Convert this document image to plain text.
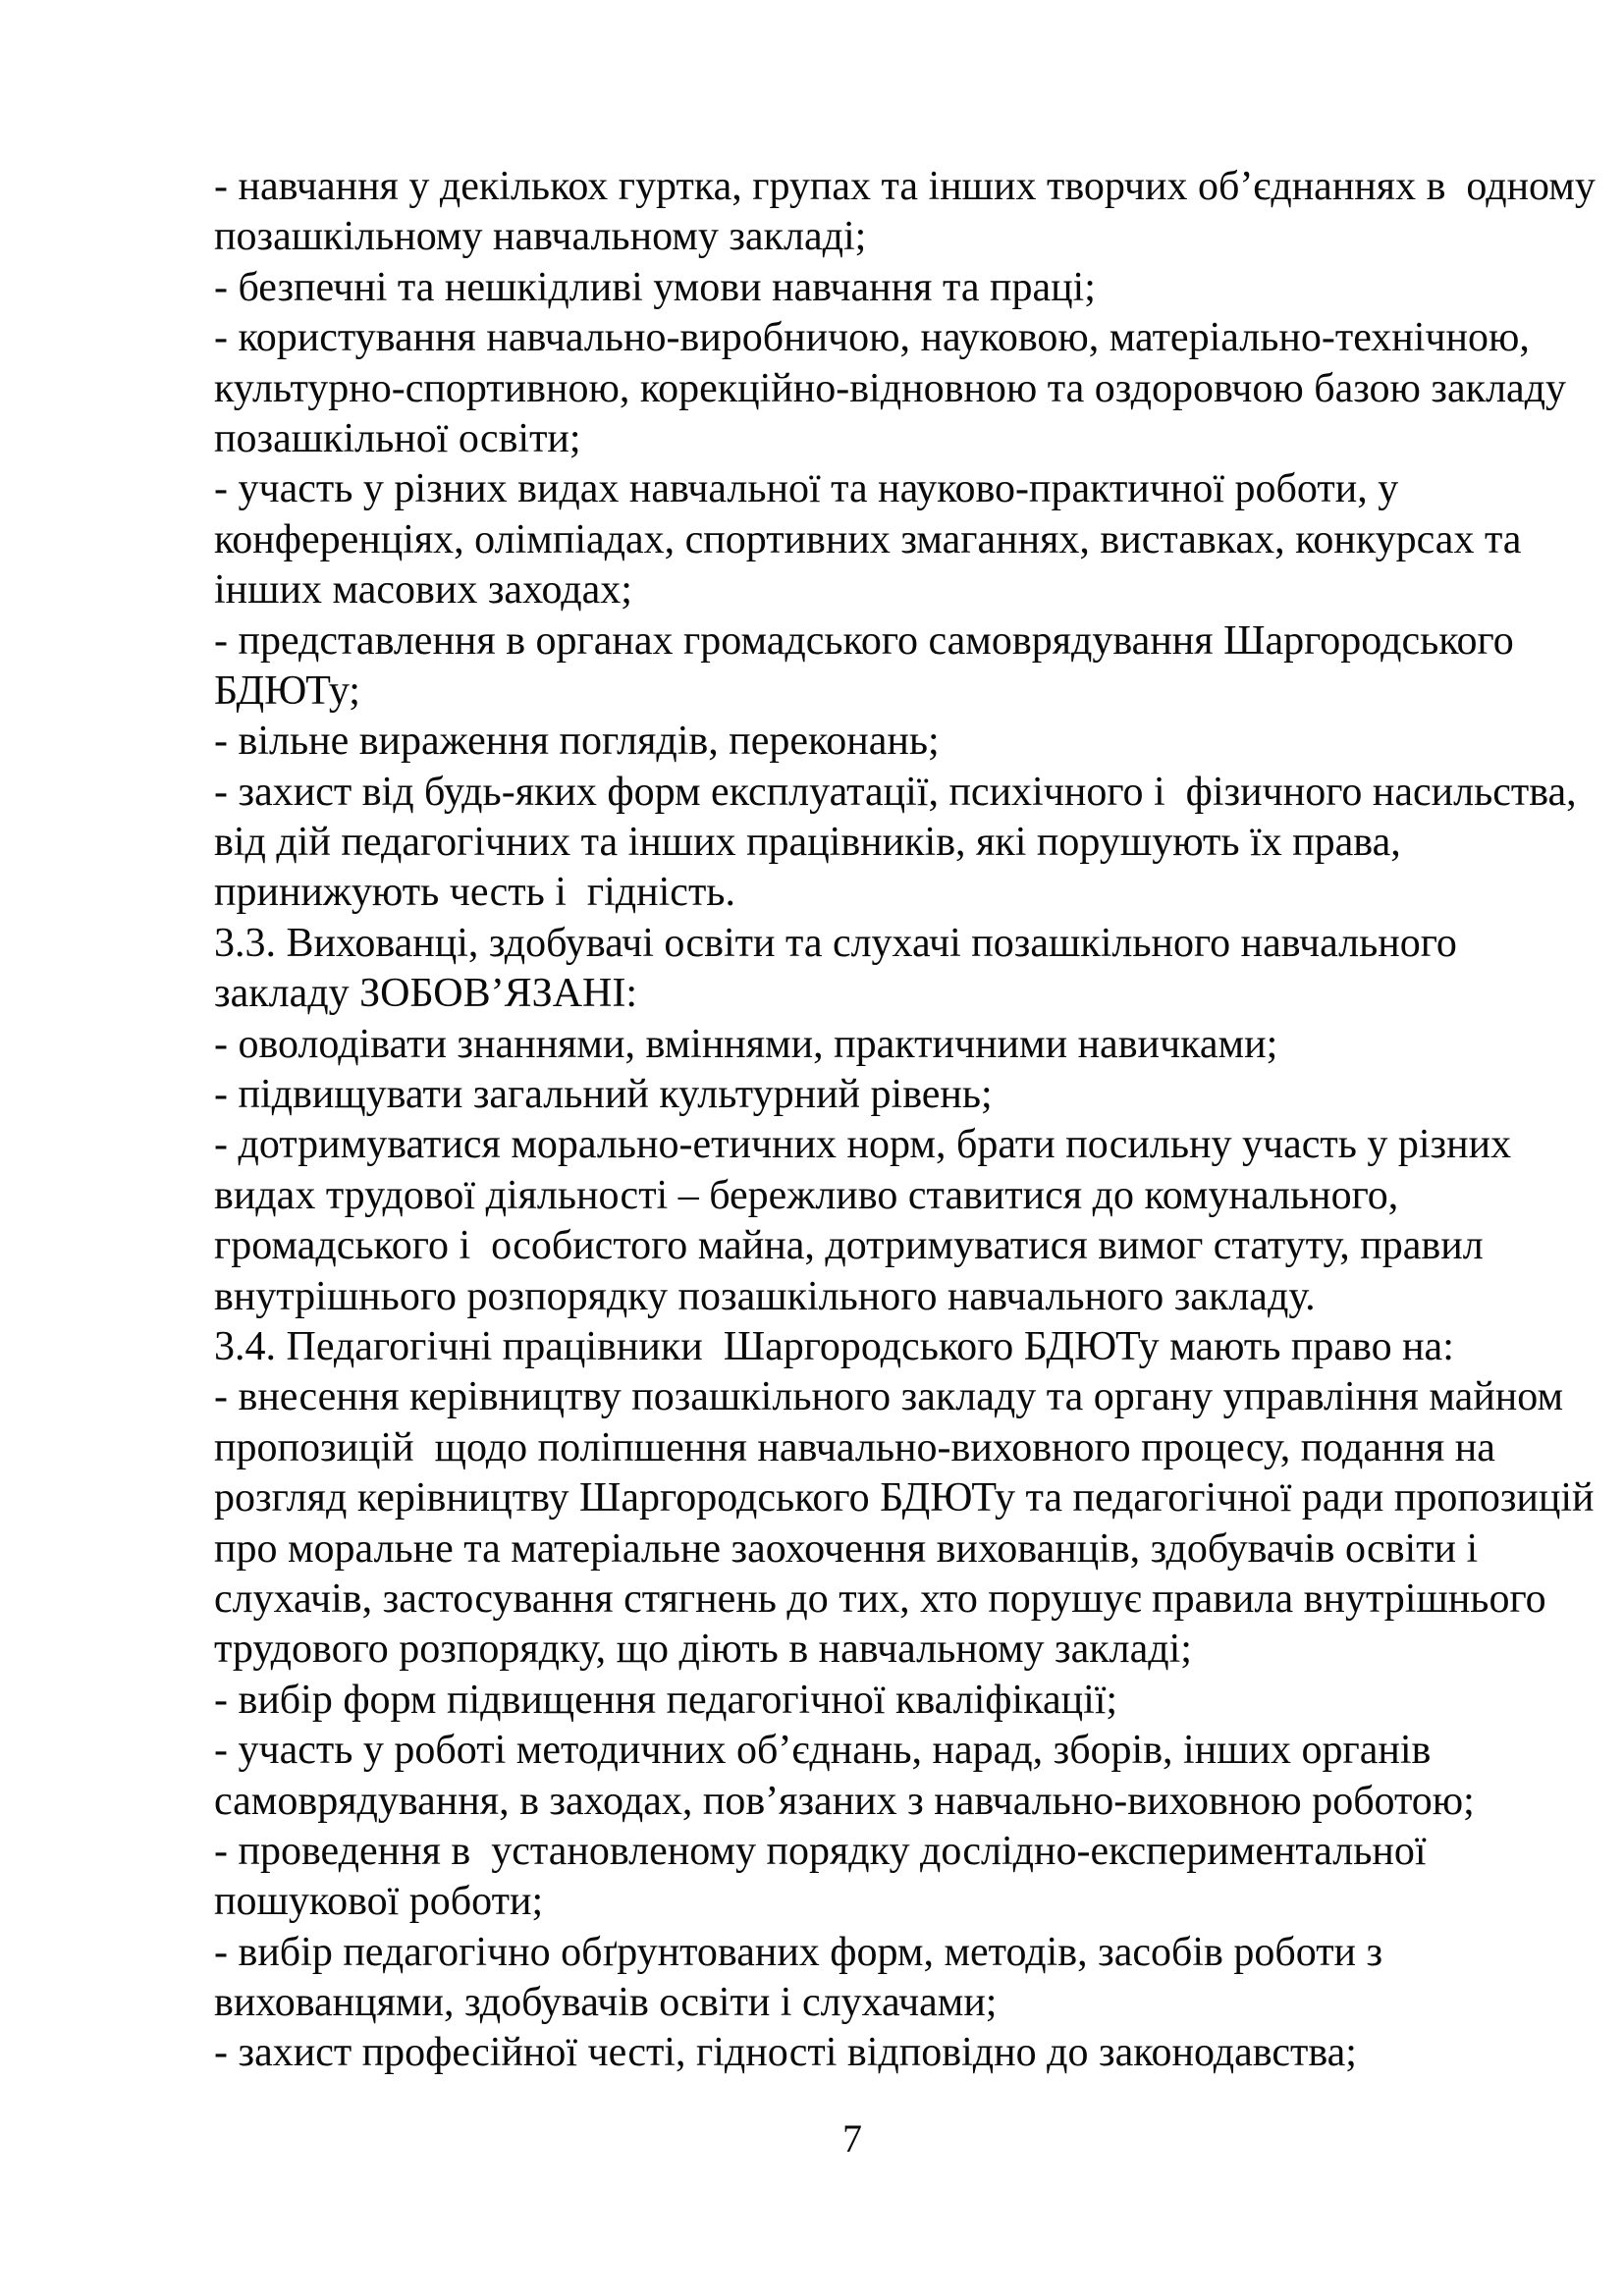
- навчання у декількох гуртка, групах та інших творчих об’єднаннях в  одному
позашкільному навчальному закладі;
- безпечні та нешкідливі умови навчання та праці;
- користування навчально-виробничою, науковою, матеріально-технічною,
культурно-спортивною, корекційно-відновною та оздоровчою базою закладу
позашкільної освіти;
- участь у різних видах навчальної та науково-практичної роботи, у
конференціях, олімпіадах, спортивних змаганнях, виставках, конкурсах та
інших масових заходах;
- представлення в органах громадського самоврядування Шаргородського
БДЮТу;
- вільне вираження поглядів, переконань;
- захист від будь-яких форм експлуатації, психічного і  фізичного насильства,
від дій педагогічних та інших працівників, які порушують їх права,
принижують честь і  гідність.
3.3. Вихованці, здобувачі освіти та слухачі позашкільного навчального
закладу ЗОБОВ’ЯЗАНІ:
- оволодівати знаннями, вміннями, практичними навичками;
- підвищувати загальний культурний рівень;
- дотримуватися морально-етичних норм, брати посильну участь у різних
видах трудової діяльності – бережливо ставитися до комунального,
громадського і  особистого майна, дотримуватися вимог статуту, правил
внутрішнього розпорядку позашкільного навчального закладу.
3.4. Педагогічні працівники  Шаргородського БДЮТу мають право на:
- внесення керівництву позашкільного закладу та органу управління майном
пропозицій  щодо поліпшення навчально-виховного процесу, подання на
розгляд керівництву Шаргородського БДЮТу та педагогічної ради пропозицій
про моральне та матеріальне заохочення вихованців, здобувачів освіти і
слухачів, застосування стягнень до тих, хто порушує правила внутрішнього
трудового розпорядку, що діють в навчальному закладі;
- вибір форм підвищення педагогічної кваліфікації;
- участь у роботі методичних об’єднань, нарад, зборів, інших органів
самоврядування, в заходах, пов’язаних з навчально-виховною роботою;
- проведення в  установленому порядку дослідно-експериментальної
пошукової роботи;
- вибір педагогічно обґрунтованих форм, методів, засобів роботи з
вихованцями, здобувачів освіти і слухачами;
- захист професійної честі, гідності відповідно до законодавства;
7
